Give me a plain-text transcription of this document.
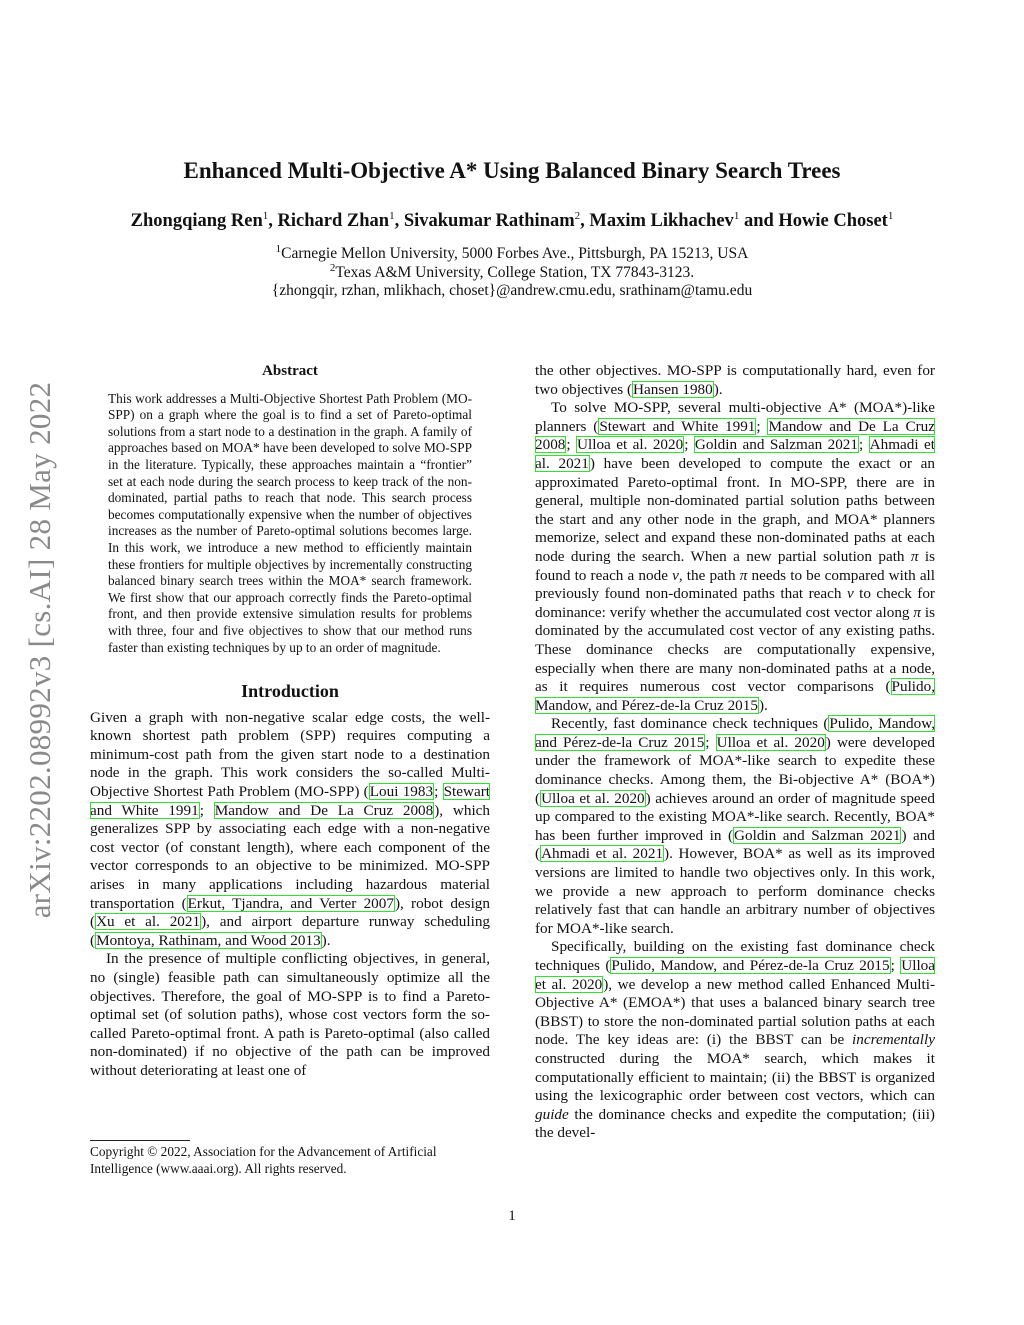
arXiv:2202.08992v3 [cs.AI] 28 May 2022
Enhanced Multi-Objective A* Using Balanced Binary Search Trees
Zhongqiang Ren$^1$, Richard Zhan$^1$, Sivakumar Rathinam$^2$, Maxim Likhachev$^1$ and Howie Choset$^1$
$^1$Carnegie Mellon University, 5000 Forbes Ave., Pittsburgh, PA 15213, USA
$^2$Texas A&M University, College Station, TX 77843-3123.
{zhongqir, rzhan, mlikhach, choset}@andrew.cmu.edu, srathinam@tamu.edu
Abstract
This work addresses a Multi-Objective Shortest Path Problem (MO-SPP) on a graph where the goal is to find a set of Pareto-optimal solutions from a start node to a destination in the graph. A family of approaches based on MOA* have been developed to solve MO-SPP in the literature. Typically, these approaches maintain a “frontier” set at each node during the search process to keep track of the non-dominated, partial paths to reach that node. This search process becomes computationally expensive when the number of objectives increases as the number of Pareto-optimal solutions becomes large. In this work, we introduce a new method to efficiently maintain these frontiers for multiple objectives by incrementally constructing balanced binary search trees within the MOA* search framework. We first show that our approach correctly finds the Pareto-optimal front, and then provide extensive simulation results for problems with three, four and five objectives to show that our method runs faster than existing techniques by up to an order of magnitude.
Introduction

Given a graph with non-negative scalar edge costs, the well-known shortest path problem (SPP) requires computing a minimum-cost path from the given start node to a destination node in the graph. This work considers the so-called Multi-Objective Shortest Path Problem (MO-SPP) (Loui 1983; Stewart and White 1991; Mandow and De La Cruz 2008), which generalizes SPP by associating each edge with a non-negative cost vector (of constant length), where each component of the vector corresponds to an objective to be minimized. MO-SPP arises in many applications including hazardous material transportation (Erkut, Tjandra, and Verter 2007), robot design (Xu et al. 2021), and airport departure runway scheduling (Montoya, Rathinam, and Wood 2013).

In the presence of multiple conflicting objectives, in general, no (single) feasible path can simultaneously optimize all the objectives. Therefore, the goal of MO-SPP is to find a Pareto-optimal set (of solution paths), whose cost vectors form the so-called Pareto-optimal front. A path is Pareto-optimal (also called non-dominated) if no objective of the path can be improved without deteriorating at least one of

the other objectives. MO-SPP is computationally hard, even for two objectives (Hansen 1980).

To solve MO-SPP, several multi-objective A* (MOA*)-like planners (Stewart and White 1991; Mandow and De La Cruz 2008; Ulloa et al. 2020; Goldin and Salzman 2021; Ahmadi et al. 2021) have been developed to compute the exact or an approximated Pareto-optimal front. In MO-SPP, there are in general, multiple non-dominated partial solution paths between the start and any other node in the graph, and MOA* planners memorize, select and expand these non-dominated paths at each node during the search. When a new partial solution path π is found to reach a node v, the path π needs to be compared with all previously found non-dominated paths that reach v to check for dominance: verify whether the accumulated cost vector along π is dominated by the accumulated cost vector of any existing paths. These dominance checks are computationally expensive, especially when there are many non-dominated paths at a node, as it requires numerous cost vector comparisons (Pulido, Mandow, and Pérez-de-la Cruz 2015).

Recently, fast dominance check techniques (Pulido, Mandow, and Pérez-de-la Cruz 2015; Ulloa et al. 2020) were developed under the framework of MOA*-like search to expedite these dominance checks. Among them, the Bi-objective A* (BOA*) (Ulloa et al. 2020) achieves around an order of magnitude speed up compared to the existing MOA*-like search. Recently, BOA* has been further improved in (Goldin and Salzman 2021) and (Ahmadi et al. 2021). However, BOA* as well as its improved versions are limited to handle two objectives only. In this work, we provide a new approach to perform dominance checks relatively fast that can handle an arbitrary number of objectives for MOA*-like search.

Specifically, building on the existing fast dominance check techniques (Pulido, Mandow, and Pérez-de-la Cruz 2015; Ulloa et al. 2020), we develop a new method called Enhanced Multi-Objective A* (EMOA*) that uses a balanced binary search tree (BBST) to store the non-dominated partial solution paths at each node. The key ideas are: (i) the BBST can be incrementally constructed during the MOA* search, which makes it computationally efficient to maintain; (ii) the BBST is organized using the lexicographic order between cost vectors, which can guide the dominance checks and expedite the computation; (iii) the devel-

Copyright © 2022, Association for the Advancement of Artificial Intelligence (www.aaai.org). All rights reserved.
1
